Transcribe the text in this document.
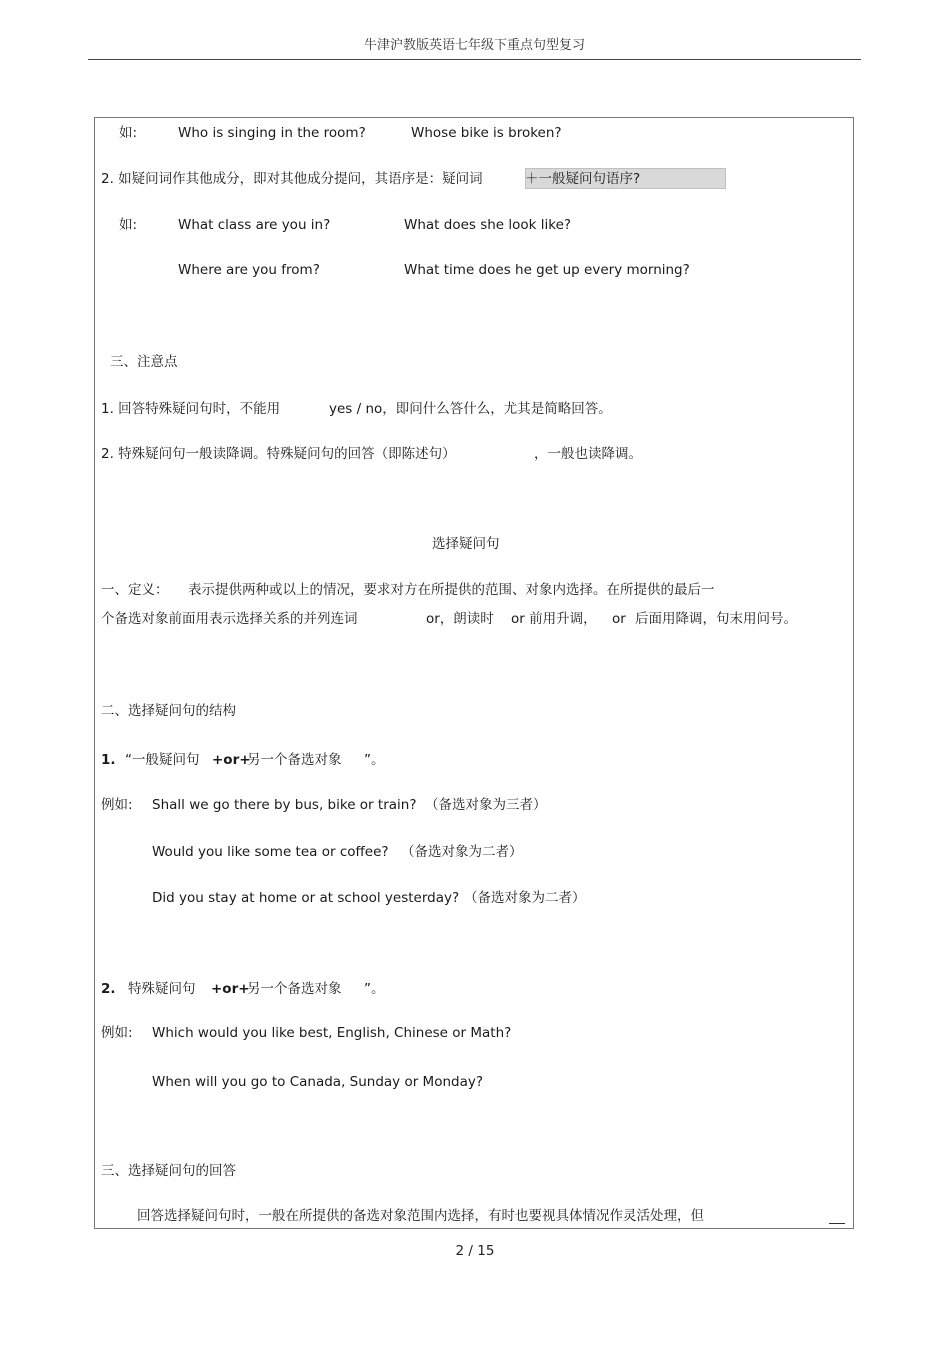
牛津沪教版英语七年级下重点句型复习
如:	Who is singing in the room?	Whose bike is broken?
2. 如疑问词作其他成分，即对其他成分提问，其语序是：疑问词	＋一般疑问句语序?
如:	What class are you in?	What does she look like?
Where are you from?	What time does he get up every morning?
三、注意点
1. 回答特殊疑问句时，不能用	yes / no，即问什么答什么，尤其是简略回答。
2. 特殊疑问句一般读降调。特殊疑问句的回答（即陈述句）	，一般也读降调。
选择疑问句
一、定义： 表示提供两种或以上的情况，要求对方在所提供的范围、对象内选择。在所提供的最后一
个备选对象前面用表示选择关系的并列连词	or，朗读时 or 前用升调， or 后面用降调，句末用问号。
二、选择疑问句的结构
1. “一般疑问句 +or+
另一个备选对象 ”。
例如: Shall we go there by bus, bike or train? （备选对象为三者）
Would you like some tea or coffee? （备选对象为二者）
Did you stay at home or at school yesterday? （备选对象为二者）
2. 特殊疑问句 +or+
另一个备选对象 ”。
例如: Which would you like best, English, Chinese or Math?
When will you go to Canada, Sunday or Monday?
三、选择疑问句的回答
回答选择疑问句时，一般在所提供的备选对象范围内选择，有时也要视具体情况作灵活处理，但
2 / 15
